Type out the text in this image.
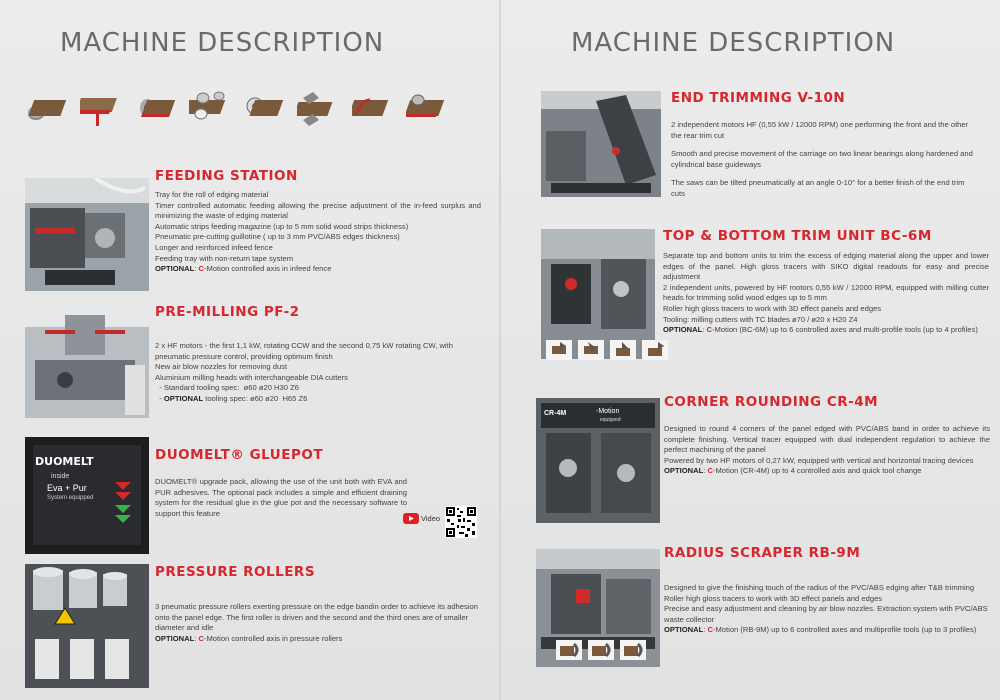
MACHINE DESCRIPTION
FEEDING STATION

Tray for the roll of edging material

Timer controlled automatic feeding allowing the precise adjustment of the in-feed surplus and minimizing the waste of edging material

Automatic strips feeding magazine (up to 5 mm solid wood strips thickness)

Pneumatic pre-cutting guillotine ( up to 3 mm PVC/ABS edges thickness)

Longer and reinforced infeed fence

Feeding tray with non-return tape system

OPTIONAL: C-Motion controlled axis in infeed fence

PRE-MILLING PF-2

2 x HF motors - the first 1,1 kW, rotating CCW and the second 0,75 kW rotating CW, with pneumatic pressure control, providing optimum finish

New air blow nozzles for removing dust

Aluminium milling heads with interchangeable DIA cutters

- Standard tooling spec:  ø60 ø20 H30 Z6

- OPTIONAL tooling spec: ø60 ø20  H65 Z6

DUOMELT
inside
Eva + Pur
System equipped
DUOMELT® GLUEPOT

DUOMELT® upgrade pack, allowing the use of the unit both with EVA and PUR adhesives. The optional pack includes a simple and efficient draining system for the residual glue in the glue pot and the necessary software to support this feature

Video
PRESSURE ROLLERS

3 pneumatic pressure rollers exerting pressure on the edge bandin order to achieve its adhesion onto the panel edge. The first roller is driven and the second and the third ones are of smaller diameter and idle

OPTIONAL: C-Motion controlled axis in pressure rollers

MACHINE DESCRIPTION
END TRIMMING V-10N

2 independent motors HF (0,55 kW / 12000 RPM) one performing the front and the other the rear trim cut

Smooth and precise movement of the carriage on two linear bearings along hardened and cylindrical base guideways

The saws can be tilted pneumatically at an angle 0-10° for a better finish of the end trim cuts

TOP & BOTTOM TRIM UNIT BC-6M

Separate top and bottom units to trim the excess of edging material along the upper and lower edges of the panel. High gloss tracers with SIKO digital readouts for easy and precise adjustment

2 independent units, powered by HF motors 0,55 kW / 12000 RPM, equipped with milling cutter heads for trimming solid wood edges up to 5 mm

Roller high gloss tracers to work with 3D effect panels and edges

Tooling: milling cutters with TC blades ø70 / ø20 x H20 Z4

OPTIONAL: C-Motion (BC-6M) up to 6 controlled axes and multi-profile tools (up to 4 profiles)

CR-4M	-Motion
equipped
CORNER ROUNDING CR-4M

Designed to round 4 corners of the panel edged with PVC/ABS band in order to achieve its complete finishing. Vertical tracer equipped with dual independent regulation to achieve the perfect machining of the panel

Powered by two HF motors of 0,27 kW, equipped with vertical and horizontal tracing devices

OPTIONAL: C-Motion (CR-4M) up to 4 controlled axis and quick tool change

RADIUS SCRAPER RB-9M

Designed to give the finishing touch of the radius of the PVC/ABS edging after T&B trimming

Roller high gloss tracers to work with 3D effect panels and edges

Precise and easy adjustment and cleaning by air blow nozzles. Extraction system with PVC/ABS waste collector

OPTIONAL: C-Motion (RB-9M) up to 6 controlled axes and multiprofile tools (up to 3 profiles)
